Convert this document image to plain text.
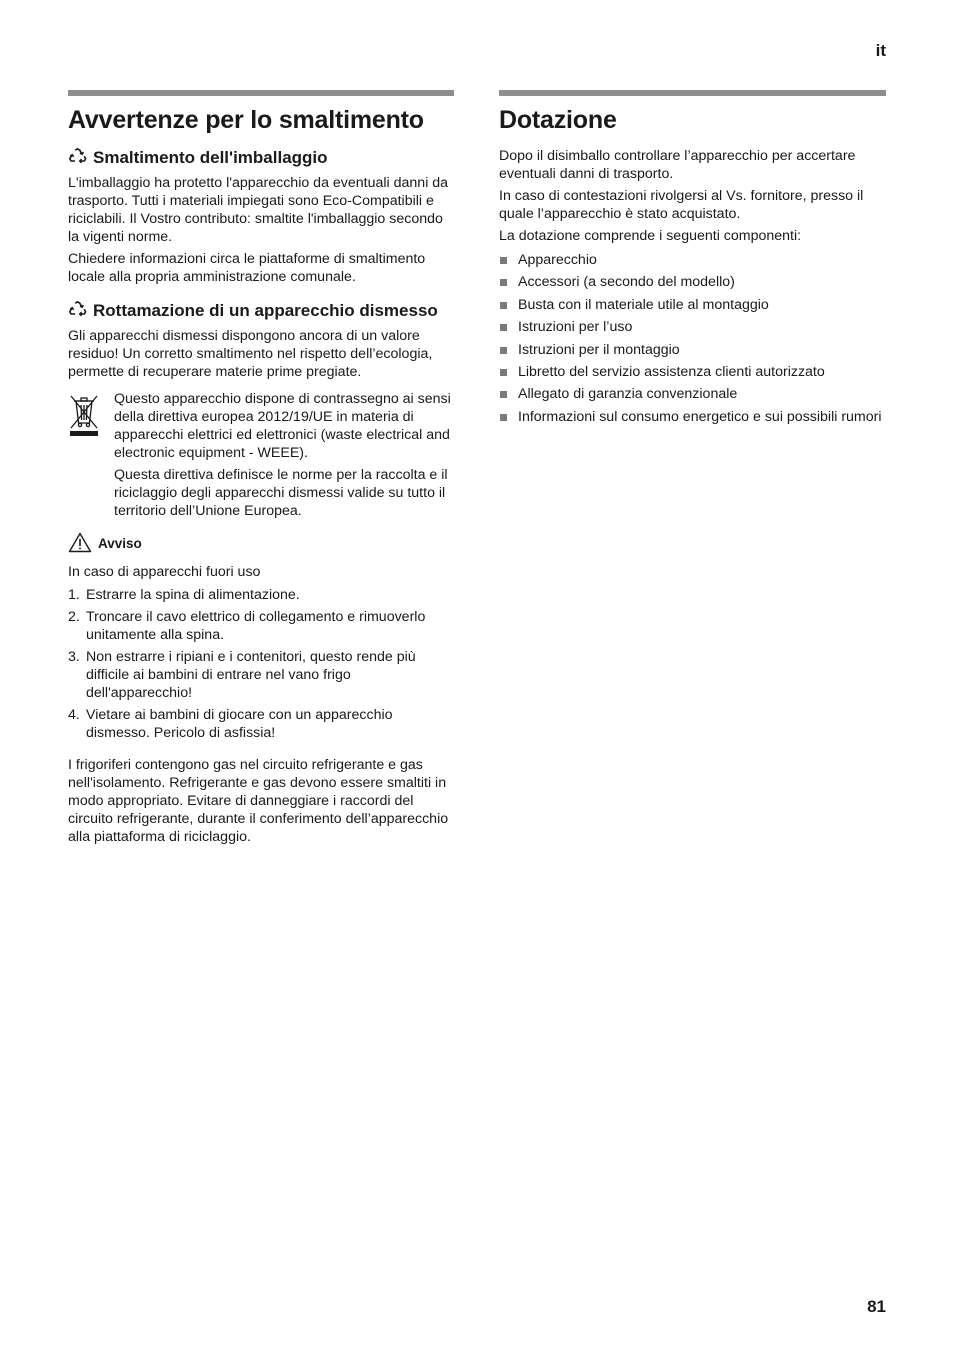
it
Avvertenze per lo smaltimento
Smaltimento dell'imballaggio

L'imballaggio ha protetto l'apparecchio da eventuali danni da trasporto. Tutti i materiali impiegati sono Eco-Compatibili e riciclabili. Il Vostro contributo: smaltite l'imballaggio secondo la vigenti norme.

Chiedere informazioni circa le piattaforme di smaltimento locale alla propria amministrazione comunale.

Rottamazione di un apparecchio dismesso

Gli apparecchi dismessi dispongono ancora di un valore residuo! Un corretto smaltimento nel rispetto dell’ecologia, permette di recuperare materie prime pregiate.

Questo apparecchio dispone di contrassegno ai sensi della direttiva europea 2012/19/UE in materia di apparecchi elettrici ed elettronici (waste electrical and electronic equipment - WEEE).

Questa direttiva definisce le norme per la raccolta e il riciclaggio degli apparecchi dismessi valide su tutto il territorio dell’Unione Europea.

Avviso

In caso di apparecchi fuori uso

1. Estrarre la spina di alimentazione.
2. Troncare il cavo elettrico di collegamento e rimuoverlo unitamente alla spina.
3. Non estrarre i ripiani e i contenitori, questo rende più difficile ai bambini di entrare nel vano frigo dell'apparecchio!
4. Vietare ai bambini di giocare con un apparecchio dismesso. Pericolo di asfissia!

I frigoriferi contengono gas nel circuito refrigerante e gas nell'isolamento. Refrigerante e gas devono essere smaltiti in modo appropriato. Evitare di danneggiare i raccordi del circuito refrigerante, durante il conferimento dell’apparecchio alla piattaforma di riciclaggio.

Dotazione

Dopo il disimballo controllare l’apparecchio per accertare eventuali danni di trasporto.

In caso di contestazioni rivolgersi al Vs. fornitore, presso il quale l’apparecchio è stato acquistato.

La dotazione comprende i seguenti componenti:

Apparecchio
Accessori (a secondo del modello)
Busta con il materiale utile al montaggio
Istruzioni per l’uso
Istruzioni per il montaggio
Libretto del servizio assistenza clienti autorizzato
Allegato di garanzia convenzionale
Informazioni sul consumo energetico e sui possibili rumori
81
